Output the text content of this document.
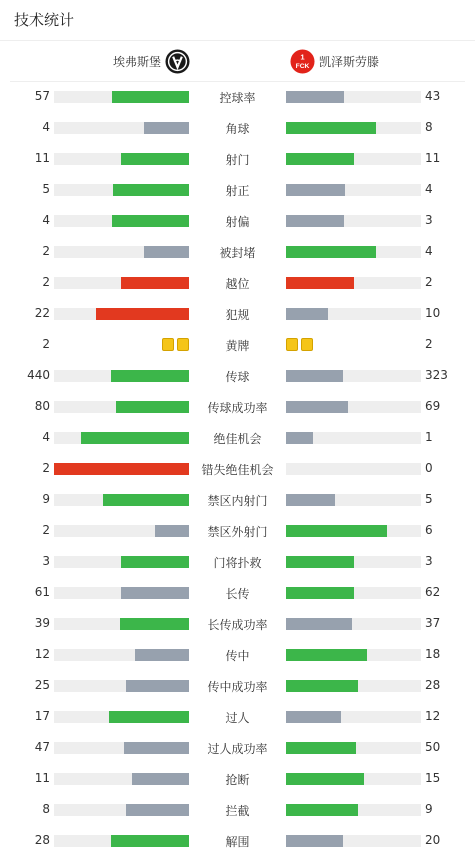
技术统计
埃弗斯堡	1
FCK 凯泽斯劳滕
57	控球率	43
4	角球	8
11	射门	11
5	射正	4
4	射偏	3
2	被封堵	4
2	越位	2
22	犯规	10
2	黄牌	2
440	传球	323
80	传球成功率	69
4	绝佳机会	1
2	错失绝佳机会	0
9	禁区内射门	5
2	禁区外射门	6
3	门将扑救	3
61	长传	62
39	长传成功率	37
12	传中	18
25	传中成功率	28
17	过人	12
47	过人成功率	50
11	抢断	15
8	拦截	9
28	解围	20
